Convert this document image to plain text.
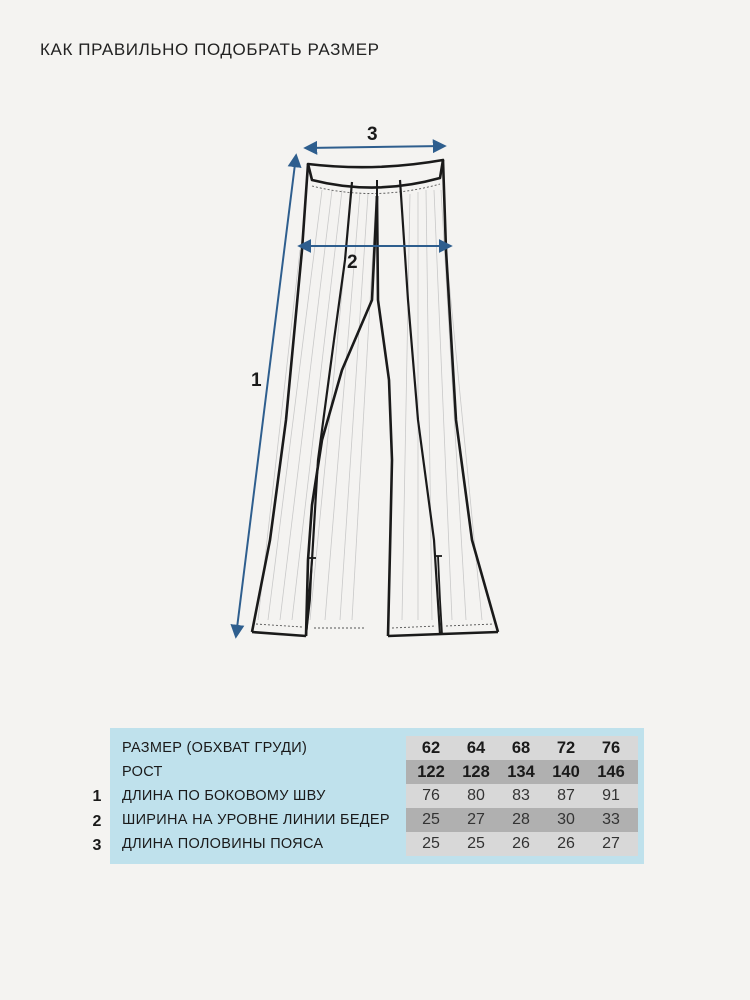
КАК ПРАВИЛЬНО ПОДОБРАТЬ РАЗМЕР
3
2
1
1
2
3
РАЗМЕР (ОБХВАТ ГРУДИ)	62	64	68	72	76
РОСТ	122	128	134	140	146
ДЛИНА ПО БОКОВОМУ ШВУ	76	80	83	87	91
ШИРИНА НА УРОВНЕ ЛИНИИ БЕДЕР	25	27	28	30	33
ДЛИНА ПОЛОВИНЫ ПОЯСА	25	25	26	26	27
